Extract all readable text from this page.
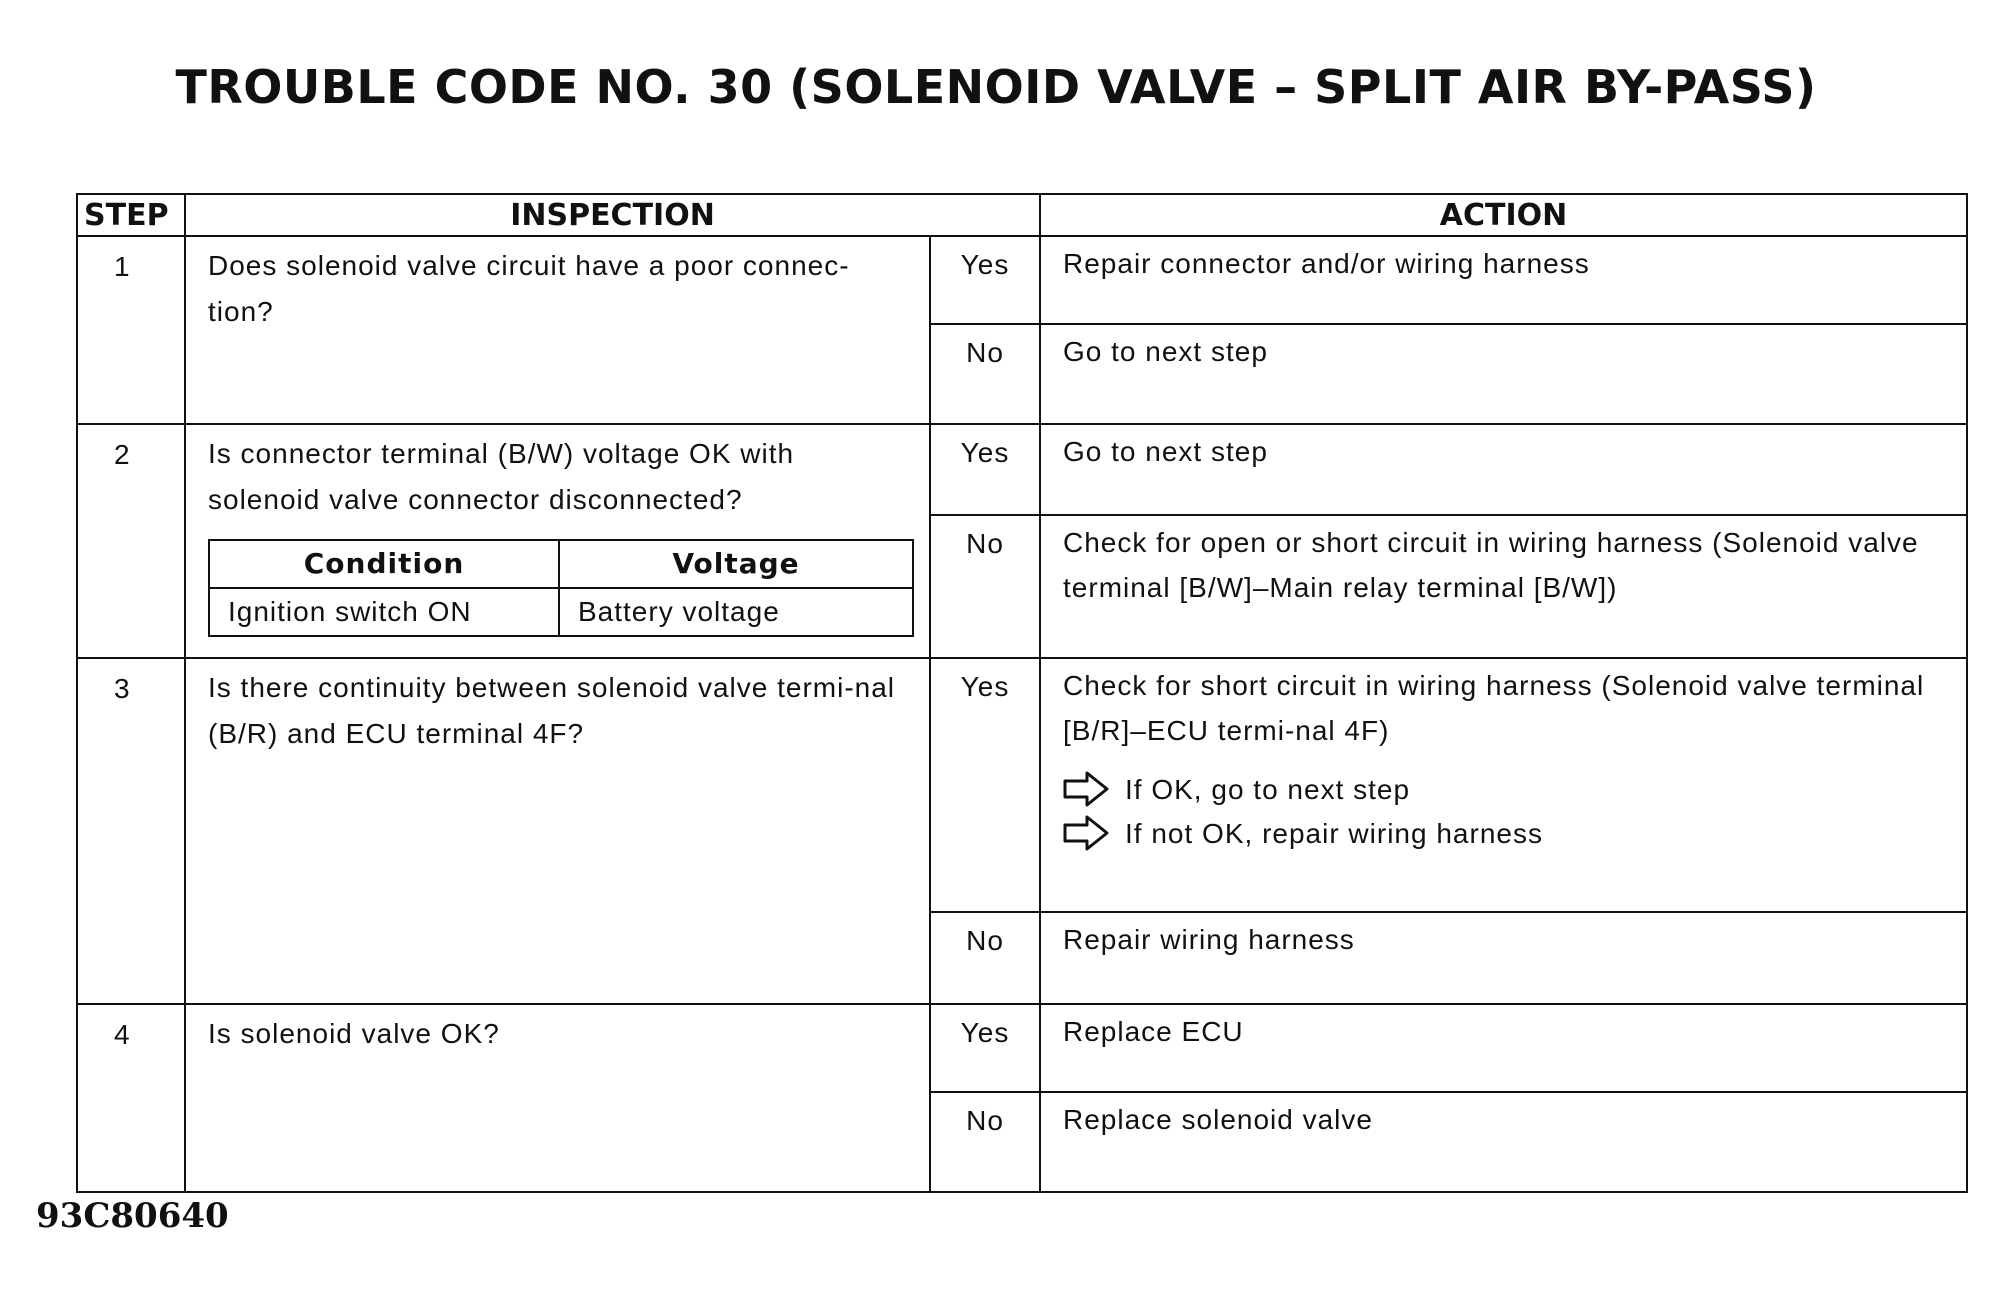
TROUBLE CODE NO. 30 (SOLENOID VALVE – SPLIT AIR BY-PASS)
STEP	INSPECTION	ACTION
1	Does solenoid valve circuit have a poor connec-tion?	Yes	Repair connector and/or wiring harness
No	Go to next step
2	Is connector terminal (B/W) voltage OK with solenoid valve connector disconnected?
Condition	Voltage
Ignition switch ON	Battery voltage
	Yes	Go to next step
No	Check for open or short circuit in wiring harness (Solenoid valve terminal [B/W]–Main relay terminal [B/W])
3	Is there continuity between solenoid valve termi-nal (B/R) and ECU terminal 4F?	Yes	Check for short circuit in wiring harness (Solenoid valve terminal [B/R]–ECU termi-nal 4F)
If OK, go to next step
If not OK, repair wiring harness

No	Repair wiring harness
4	Is solenoid valve OK?	Yes	Replace ECU
No	Replace solenoid valve
93C80640
